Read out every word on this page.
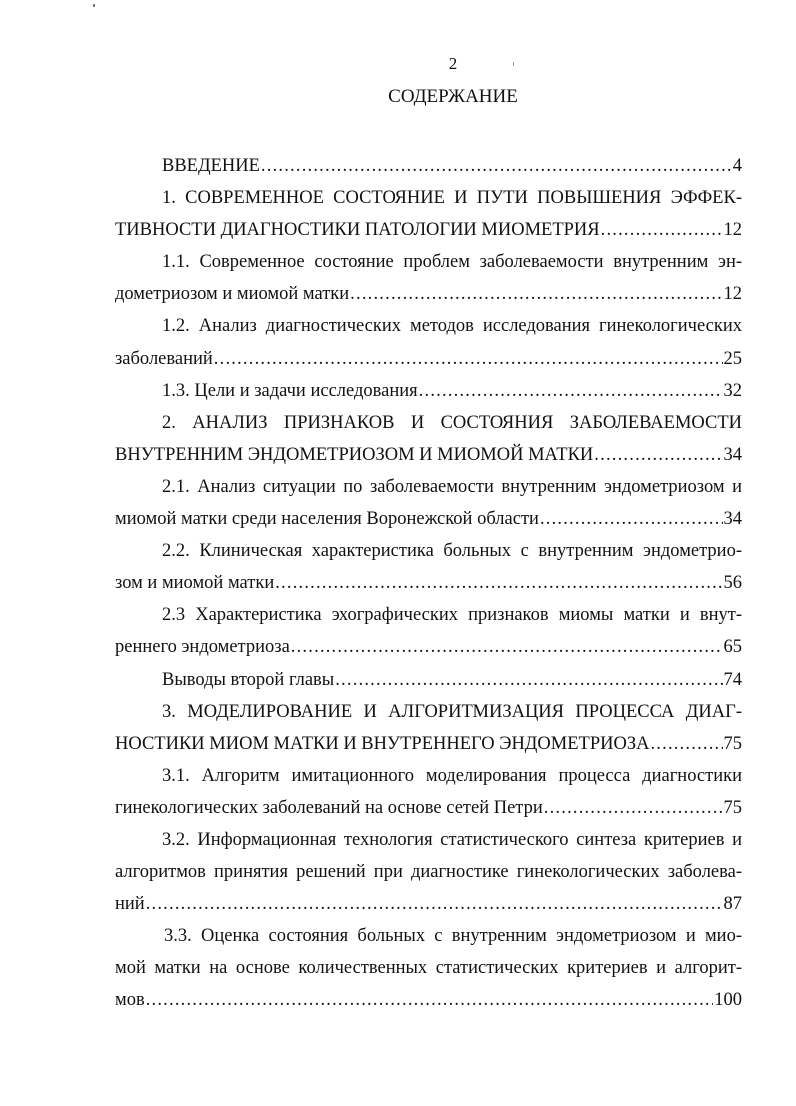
2
СОДЕРЖАНИЕ
ВВЕДЕНИЕ .....	4
1. СОВРЕМЕННОЕ СОСТОЯНИЕ И ПУТИ ПОВЫШЕНИЯ ЭФФЕК-
ТИВНОСТИ ДИАГНОСТИКИ ПАТОЛОГИИ МИОМЕТРИЯ .....	12
1.1. Современное состояние проблем заболеваемости внутренним эн-
дометриозом и миомой матки .....	12
1.2. Анализ диагностических методов исследования гинекологических
заболеваний .....	25
1.3. Цели и задачи исследования .....	32
2. АНАЛИЗ ПРИЗНАКОВ И СОСТОЯНИЯ ЗАБОЛЕВАЕМОСТИ
ВНУТРЕННИМ ЭНДОМЕТРИОЗОМ И МИОМОЙ МАТКИ .....	34
2.1. Анализ ситуации по заболеваемости внутренним эндометриозом и
миомой матки среди населения Воронежской области .....	34
2.2. Клиническая характеристика больных с внутренним эндометрио-
зом и миомой матки .....	56
2.3 Характеристика эхографических признаков миомы матки и внут-
реннего эндометриоза .....	65
Выводы второй главы .....	74
3. МОДЕЛИРОВАНИЕ И АЛГОРИТМИЗАЦИЯ ПРОЦЕССА ДИАГ-
НОСТИКИ МИОМ МАТКИ И ВНУТРЕННЕГО ЭНДОМЕТРИОЗА .....	75
3.1. Алгоритм имитационного моделирования процесса диагностики
гинекологических заболеваний на основе сетей Петри .....	75
3.2. Информационная технология статистического синтеза критериев и
алгоритмов принятия решений при диагностике гинекологических заболева-
ний .....	87
3.3. Оценка состояния больных с внутренним эндометриозом и мио-
мой матки на основе количественных статистических критериев и алгорит-
мов .....	100
